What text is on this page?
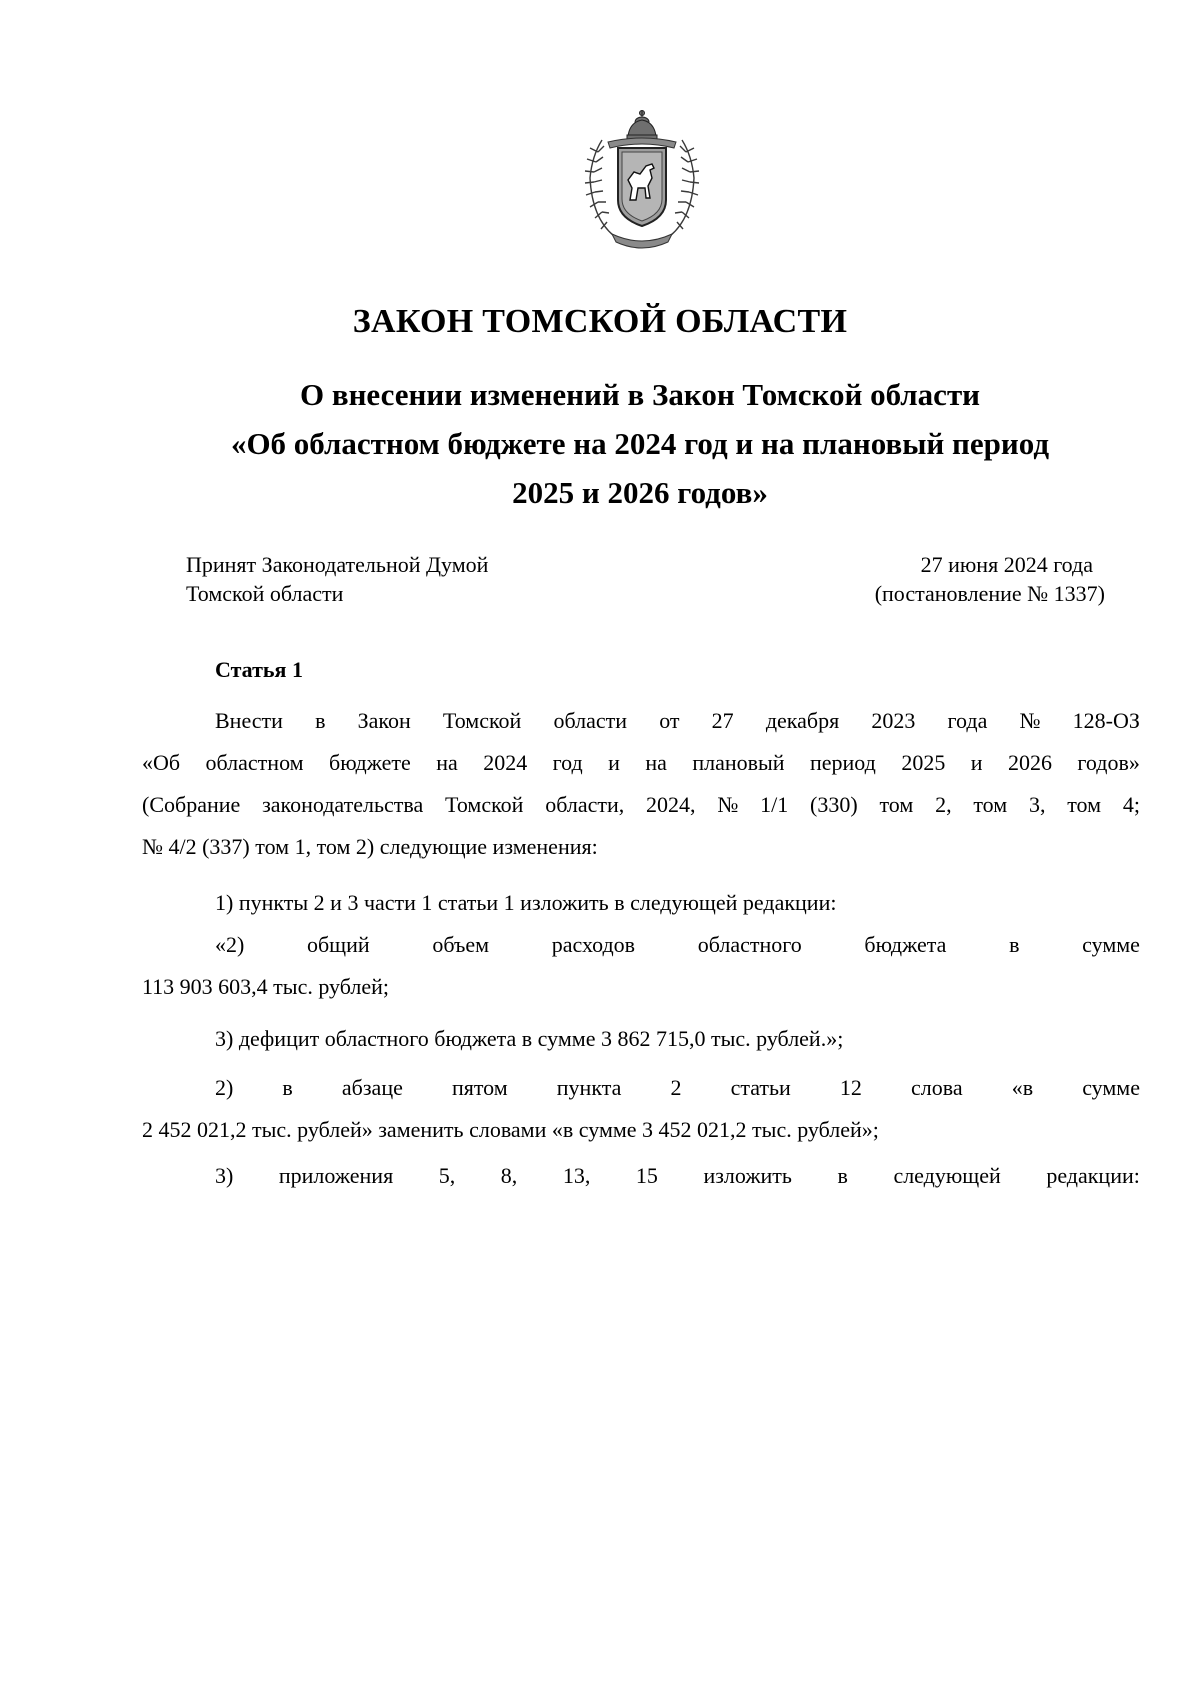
ЗАКОН ТОМСКОЙ ОБЛАСТИ
О внесении изменений в Закон Томской области
«Об областном бюджете на 2024 год и на плановый период
2025 и 2026 годов»
Принят Законодательной Думой
Томской области
27 июня 2024 года
(постановление № 1337)
Статья 1
Внести в Закон Томской области от 27 декабря 2023 года № 128-ОЗ
«Об областном бюджете на 2024 год и на плановый период 2025 и 2026 годов»
(Собрание законодательства Томской области, 2024, № 1/1 (330) том 2, том 3, том 4;
№ 4/2 (337) том 1, том 2) следующие изменения:
1) пункты 2 и 3 части 1 статьи 1 изложить в следующей редакции:
«2)	общий	объем	расходов	областного	бюджета	в	сумме
113 903 603,4 тыс. рублей;
3) дефицит областного бюджета в сумме 3 862 715,0 тыс. рублей.»;
2) в абзаце пятом пункта 2 статьи 12 слова «в сумме
2 452 021,2 тыс. рублей» заменить словами «в сумме 3 452 021,2 тыс. рублей»;
3) приложения 5, 8, 13, 15 изложить в следующей редакции:
